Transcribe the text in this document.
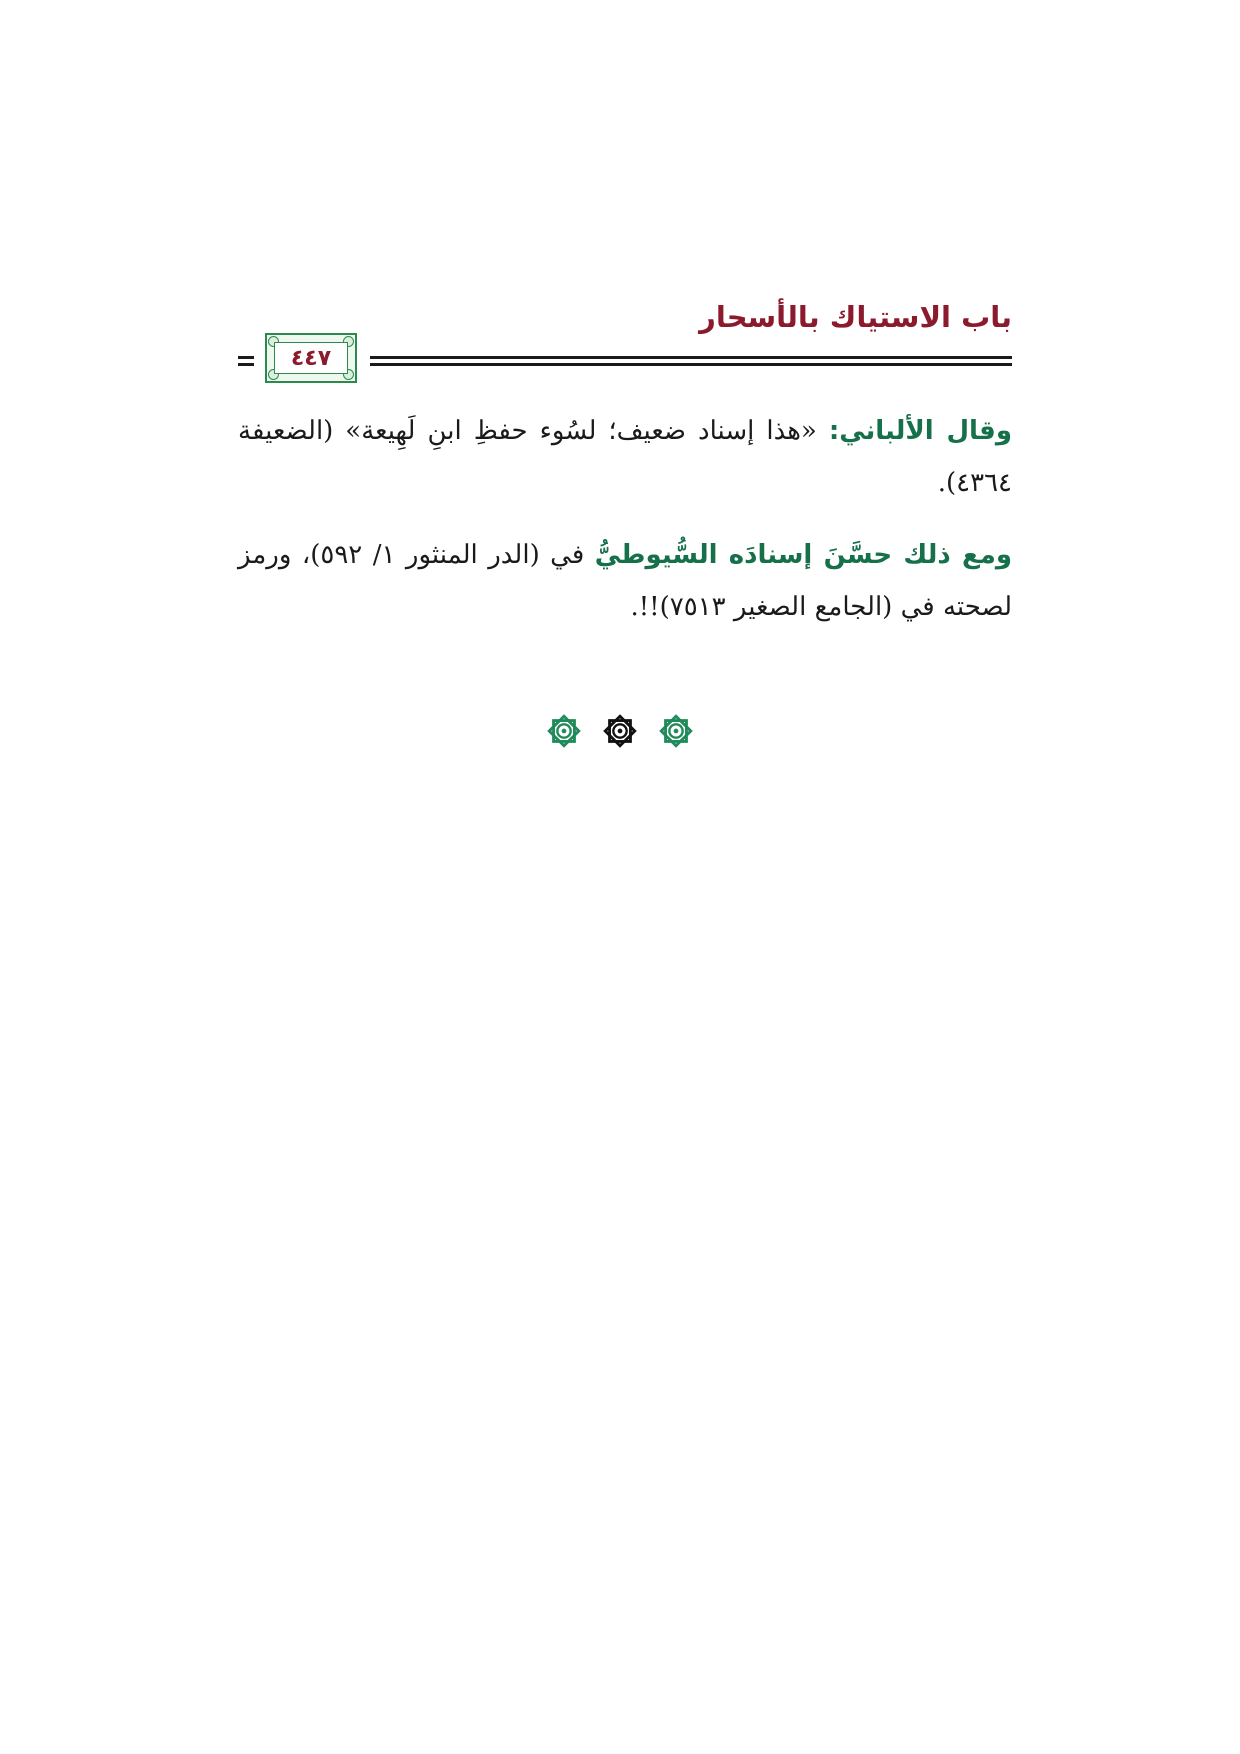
باب الاستياك بالأسحار
٤٤٧

وقال الألباني: «هذا إسناد ضعيف؛ لسُوء حفظِ ابنِ لَهِيعة» (الضعيفة ٤٣٦٤).

ومع ذلك حسَّنَ إسنادَه السُّيوطيُّ في (الدر المنثور ١/ ٥٩٢)، ورمز لصحته في (الجامع الصغير ٧٥١٣)!!.
